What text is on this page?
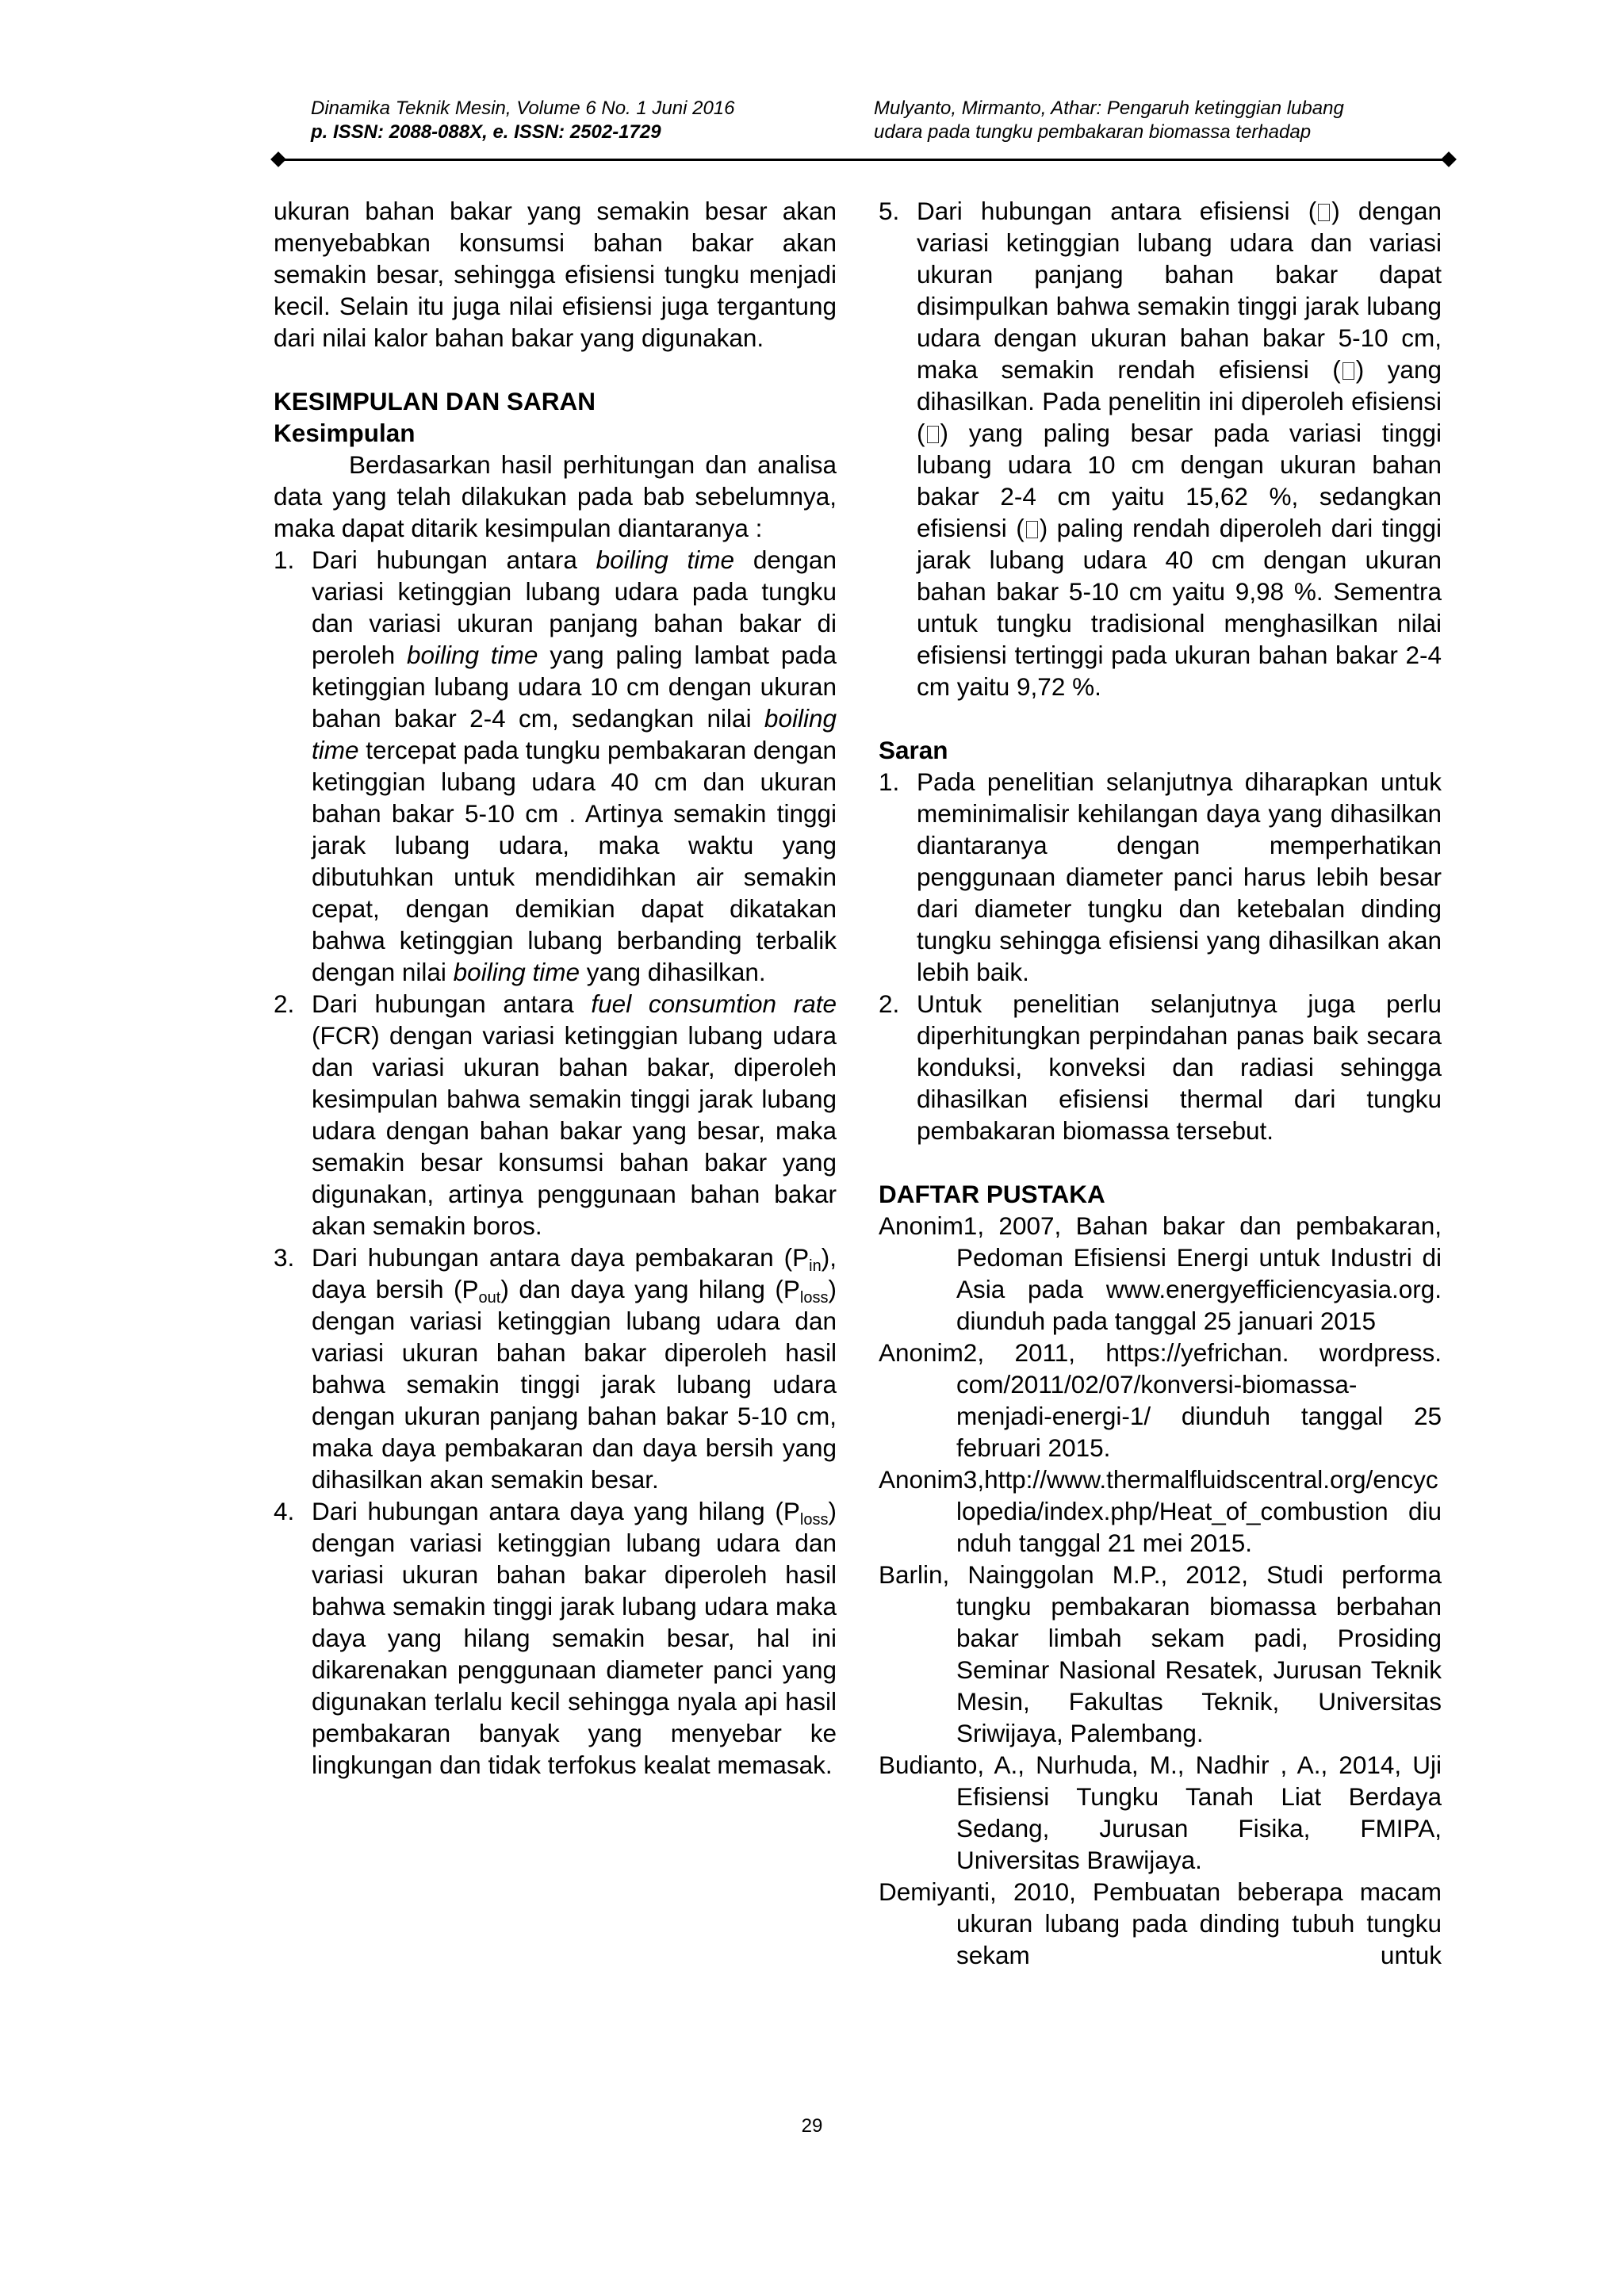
Dinamika Teknik Mesin, Volume 6 No. 1 Juni 2016
p. ISSN: 2088-088X, e. ISSN: 2502-1729
Mulyanto, Mirmanto, Athar: Pengaruh ketinggian lubang
udara pada tungku pembakaran biomassa terhadap

ukuran bahan bakar yang semakin besar akan menyebabkan konsumsi bahan bakar akan semakin besar, sehingga efisiensi tungku menjadi kecil. Selain itu juga nilai efisiensi juga tergantung dari nilai kalor bahan bakar yang digunakan.

KESIMPULAN DAN SARAN

Kesimpulan

Berdasarkan hasil perhitungan dan analisa data yang telah dilakukan pada bab sebelumnya, maka dapat ditarik kesimpulan diantaranya :

1. Dari hubungan antara boiling time dengan variasi ketinggian lubang udara pada tungku dan variasi ukuran panjang bahan bakar di peroleh boiling time yang paling lambat pada ketinggian lubang udara 10 cm dengan ukuran bahan bakar 2-4 cm, sedangkan nilai boiling time tercepat pada tungku pembakaran dengan ketinggian lubang udara 40 cm dan ukuran bahan bakar 5-10 cm . Artinya semakin tinggi jarak lubang udara, maka waktu yang dibutuhkan untuk mendidihkan air semakin cepat, dengan demikian dapat dikatakan bahwa ketinggian lubang berbanding terbalik dengan nilai boiling time yang dihasilkan.
2. Dari hubungan antara fuel consumtion rate (FCR) dengan variasi ketinggian lubang udara dan variasi ukuran bahan bakar, diperoleh kesimpulan bahwa semakin tinggi jarak lubang udara dengan bahan bakar yang besar, maka semakin besar konsumsi bahan bakar yang digunakan, artinya penggunaan bahan bakar akan semakin boros.
3. Dari hubungan antara daya pembakaran $(P_{in})$, daya bersih $(P_{out})$ dan daya yang hilang $(P_{loss})$ dengan variasi ketinggian lubang udara dan variasi ukuran bahan bakar diperoleh hasil bahwa semakin tinggi jarak lubang udara dengan ukuran panjang bahan bakar 5-10 cm, maka daya pembakaran dan daya bersih yang dihasilkan akan semakin besar.
4. Dari hubungan antara daya yang hilang $(P_{loss})$ dengan variasi ketinggian lubang udara dan variasi ukuran bahan bakar diperoleh hasil bahwa semakin tinggi jarak lubang udara maka daya yang hilang semakin besar, hal ini dikarenakan penggunaan diameter panci yang digunakan terlalu kecil sehingga nyala api hasil pembakaran banyak yang menyebar ke lingkungan dan tidak terfokus kealat memasak.
5. Dari hubungan antara efisiensi ( ) dengan variasi ketinggian lubang udara dan variasi ukuran panjang bahan bakar dapat disimpulkan bahwa semakin tinggi jarak lubang udara dengan ukuran bahan bakar 5-10 cm, maka semakin rendah efisiensi ( ) yang dihasilkan. Pada penelitin ini diperoleh efisiensi ( ) yang paling besar pada variasi tinggi lubang udara 10 cm dengan ukuran bahan bakar 2-4 cm yaitu 15,62 %, sedangkan efisiensi ( ) paling rendah diperoleh dari tinggi jarak lubang udara 40 cm dengan ukuran bahan bakar 5-10 cm yaitu 9,98 %. Sementra untuk tungku tradisional menghasilkan nilai efisiensi tertinggi pada ukuran bahan bakar 2-4 cm yaitu 9,72 %.

Saran

1. Pada penelitian selanjutnya diharapkan untuk meminimalisir kehilangan daya yang dihasilkan diantaranya dengan memperhatikan penggunaan diameter panci harus lebih besar dari diameter tungku dan ketebalan dinding tungku sehingga efisiensi yang dihasilkan akan lebih baik.
2. Untuk penelitian selanjutnya juga perlu diperhitungkan perpindahan panas baik secara konduksi, konveksi dan radiasi sehingga dihasilkan efisiensi thermal dari tungku pembakaran biomassa tersebut.

DAFTAR PUSTAKA

Anonim1, 2007, Bahan bakar dan pembakaran, Pedoman Efisiensi Energi untuk Industri di Asia pada www.energyefficiencyasia.org. diunduh pada tanggal 25 januari 2015

Anonim2, 2011, https://yefrichan. wordpress. com/2011/02/07/konversi-biomassa-menjadi-energi-1/ diunduh tanggal 25 februari 2015.

Anonim3,http://www.thermalfluidscentral.org/encyclopedia/index.php/Heat_of_combustion diunduh tanggal 21 mei 2015.

Barlin, Nainggolan M.P., 2012, Studi performa tungku pembakaran biomassa berbahan bakar limbah sekam padi, Prosiding Seminar Nasional Resatek, Jurusan Teknik Mesin, Fakultas Teknik, Universitas Sriwijaya, Palembang.

Budianto, A., Nurhuda, M., Nadhir , A., 2014, Uji Efisiensi Tungku Tanah Liat Berdaya Sedang, Jurusan Fisika, FMIPA, Universitas Brawijaya.

Demiyanti, 2010, Pembuatan beberapa macam ukuran lubang pada dinding tubuh tungku sekam untuk

29
